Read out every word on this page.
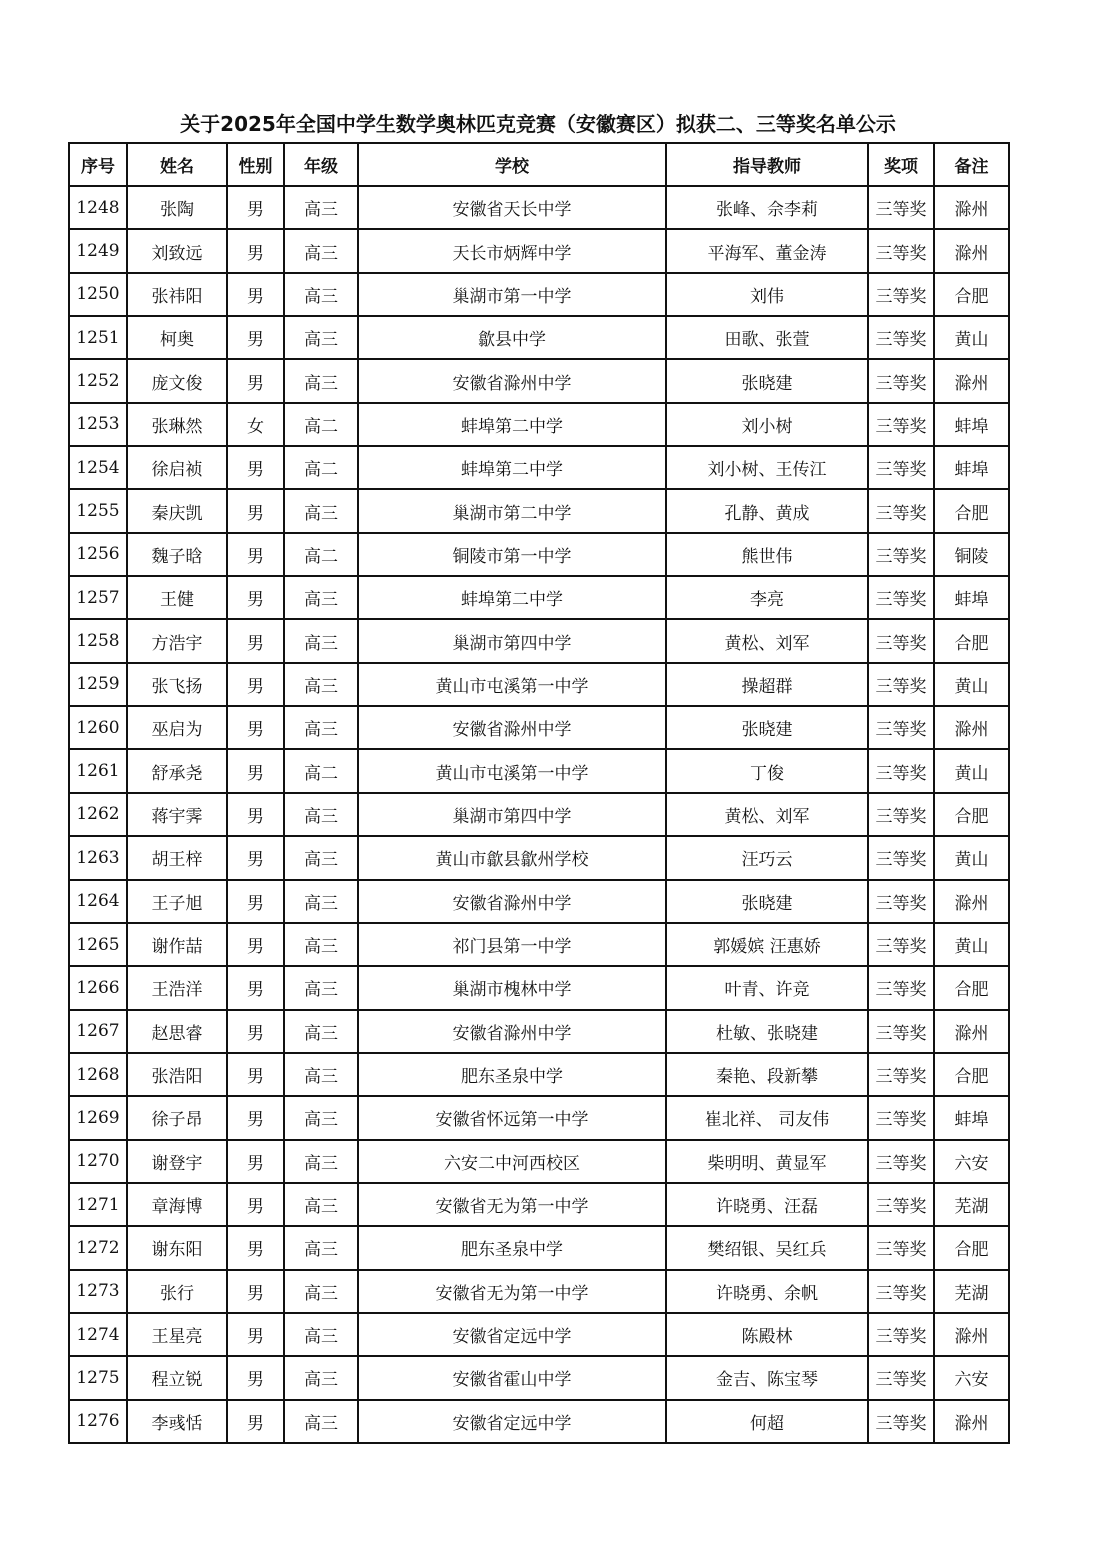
关于2025年全国中学生数学奥林匹克竞赛（安徽赛区）拟获二、三等奖名单公示
序号	姓名	性别	年级	学校	指导教师	奖项	备注
1248	张陶	男	高三	安徽省天长中学	张峰、佘李莉	三等奖	滁州
1249	刘致远	男	高三	天长市炳辉中学	平海军、董金涛	三等奖	滁州
1250	张祎阳	男	高三	巢湖市第一中学	刘伟	三等奖	合肥
1251	柯奥	男	高三	歙县中学	田歌、张萱	三等奖	黄山
1252	庞文俊	男	高三	安徽省滁州中学	张晓建	三等奖	滁州
1253	张琳然	女	高二	蚌埠第二中学	刘小树	三等奖	蚌埠
1254	徐启祯	男	高二	蚌埠第二中学	刘小树、王传江	三等奖	蚌埠
1255	秦庆凯	男	高三	巢湖市第二中学	孔静、黄成	三等奖	合肥
1256	魏子晗	男	高二	铜陵市第一中学	熊世伟	三等奖	铜陵
1257	王健	男	高三	蚌埠第二中学	李亮	三等奖	蚌埠
1258	方浩宇	男	高三	巢湖市第四中学	黄松、刘军	三等奖	合肥
1259	张飞扬	男	高三	黄山市屯溪第一中学	操超群	三等奖	黄山
1260	巫启为	男	高三	安徽省滁州中学	张晓建	三等奖	滁州
1261	舒承尧	男	高二	黄山市屯溪第一中学	丁俊	三等奖	黄山
1262	蒋宇霁	男	高三	巢湖市第四中学	黄松、刘军	三等奖	合肥
1263	胡王梓	男	高三	黄山市歙县歙州学校	汪巧云	三等奖	黄山
1264	王子旭	男	高三	安徽省滁州中学	张晓建	三等奖	滁州
1265	谢作喆	男	高三	祁门县第一中学	郭媛嫔 汪惠娇	三等奖	黄山
1266	王浩洋	男	高三	巢湖市槐林中学	叶青、许竞	三等奖	合肥
1267	赵思睿	男	高三	安徽省滁州中学	杜敏、张晓建	三等奖	滁州
1268	张浩阳	男	高三	肥东圣泉中学	秦艳、段新攀	三等奖	合肥
1269	徐子昂	男	高三	安徽省怀远第一中学	崔北祥、 司友伟	三等奖	蚌埠
1270	谢登宇	男	高三	六安二中河西校区	柴明明、黄显军	三等奖	六安
1271	章海博	男	高三	安徽省无为第一中学	许晓勇、汪磊	三等奖	芜湖
1272	谢东阳	男	高三	肥东圣泉中学	樊绍银、吴红兵	三等奖	合肥
1273	张行	男	高三	安徽省无为第一中学	许晓勇、余帆	三等奖	芜湖
1274	王星亮	男	高三	安徽省定远中学	陈殿林	三等奖	滁州
1275	程立锐	男	高三	安徽省霍山中学	金吉、陈宝琴	三等奖	六安
1276	李彧恬	男	高三	安徽省定远中学	何超	三等奖	滁州
